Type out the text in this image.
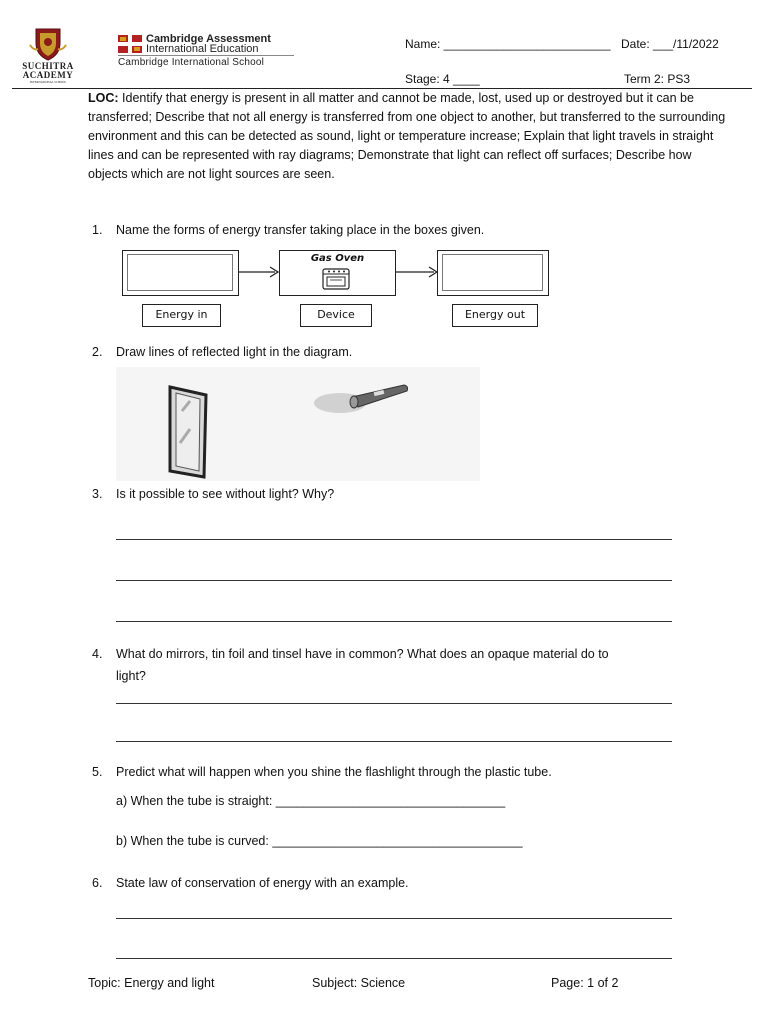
SUCHITRA
ACADEMY
INTERNATIONAL SCHOOL
Cambridge Assessment
International Education
Cambridge International School
Name: _________________________ Date: ___/11/2022
Stage: 4 ____	Term 2: PS3
LOC: Identify that energy is present in all matter and cannot be made, lost, used up or destroyed but it can be transferred; Describe that not all energy is transferred from one object to another, but transferred to the surrounding environment and this can be detected as sound, light or temperature increase; Explain that light travels in straight lines and can be represented with ray diagrams; Demonstrate that light can reflect off surfaces; Describe how objects which are not light sources are seen.
1. Name the forms of energy transfer taking place in the boxes given.
Gas Oven
Energy in	Device	Energy out
2. Draw lines of reflected light in the diagram.
3. Is it possible to see without light? Why?
4. What do mirrors, tin foil and tinsel have in common? What does an opaque material do to
light?
5. Predict what will happen when you shine the flashlight through the plastic tube.
a) When the tube is straight: _________________________________
b) When the tube is curved: ____________________________________
6. State law of conservation of energy with an example.
Topic: Energy and light	Subject: Science	Page: 1 of 2
